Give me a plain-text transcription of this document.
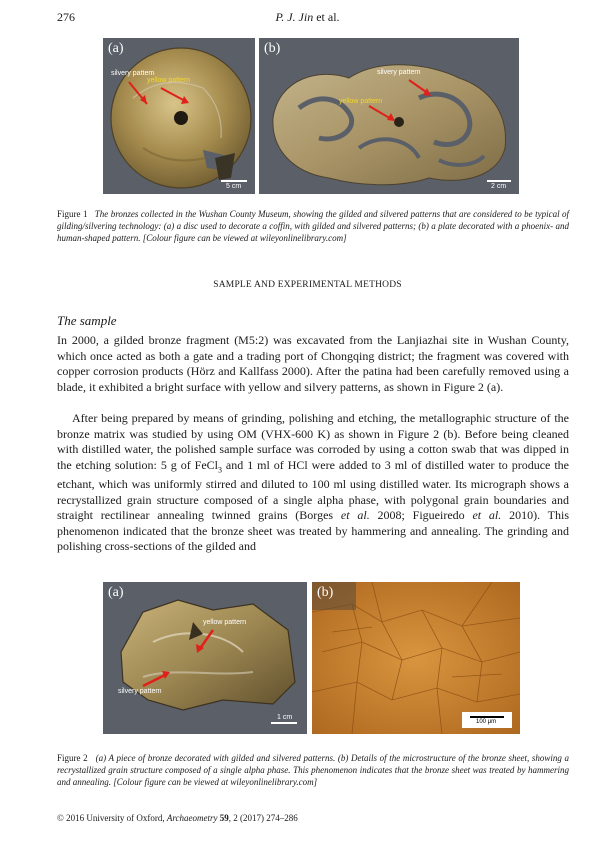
276	P. J. Jin et al.
(a)
silvery pattern
yellow pattern
5 cm
(b)
silvery pattern
yellow pattern
2 cm
Figure 1 The bronzes collected in the Wushan County Museum, showing the gilded and silvered patterns that are considered to be typical of gilding/silvering technology: (a) a disc used to decorate a coffin, with gilded and silvered patterns; (b) a plate decorated with a phoenix- and human-shaped pattern. [Colour figure can be viewed at wileyonlinelibrary.com]
SAMPLE AND EXPERIMENTAL METHODS
The sample

In 2000, a gilded bronze fragment (M5:2) was excavated from the Lanjiazhai site in Wushan County, which once acted as both a gate and a trading port of Chongqing district; the fragment was covered with copper corrosion products (Hörz and Kallfass 2000). After the patina had been carefully removed using a blade, it exhibited a bright surface with yellow and silvery patterns, as shown in Figure 2 (a).

After being prepared by means of grinding, polishing and etching, the metallographic structure of the bronze matrix was studied by using OM (VHX-600 K) as shown in Figure 2 (b). Before being cleaned with distilled water, the polished sample surface was corroded by using a cotton swab that was dipped in the etching solution: 5 g of FeCl$_3$ and 1 ml of HCl were added to 3 ml of distilled water to produce the etchant, which was uniformly stirred and diluted to 100 ml using distilled water. Its micrograph shows a recrystallized grain structure composed of a single alpha phase, with polygonal grain boundaries and straight rectilinear annealing twinned grains (Borges et al. 2008; Figueiredo et al. 2010). This phenomenon indicated that the bronze sheet was treated by hammering and annealing. The grinding and polishing cross-sections of the gilded and

(a)
yellow pattern
silvery pattern
1 cm
(b)
100 μm
Figure 2 (a) A piece of bronze decorated with gilded and silvered patterns. (b) Details of the microstructure of the bronze sheet, showing a recrystallized grain structure composed of a single alpha phase. This phenomenon indicates that the bronze sheet was treated by hammering and annealing. [Colour figure can be viewed at wileyonlinelibrary.com]
© 2016 University of Oxford, Archaeometry 59, 2 (2017) 274–286
